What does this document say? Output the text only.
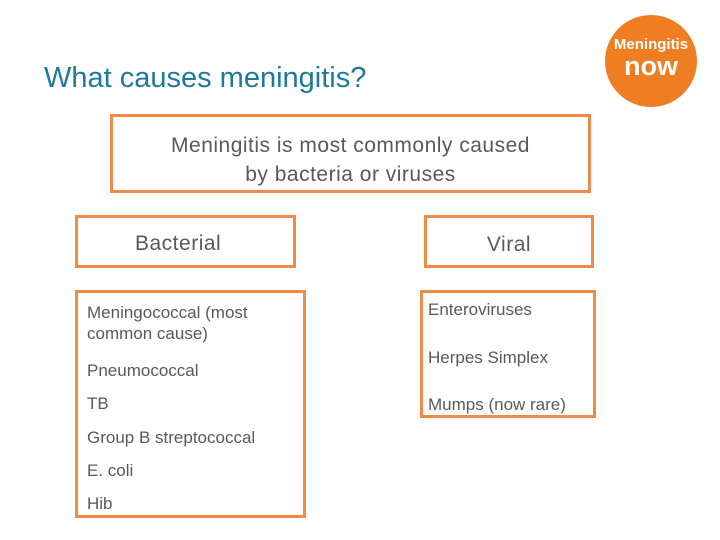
What causes meningitis?
Meningitis
now
Meningitis is most commonly caused
by bacteria or viruses
Bacterial	Viral
Meningococcal (most
common cause)
Pneumococcal
TB
Group B streptococcal
E. coli
Hib
Enteroviruses
Herpes Simplex
Mumps (now rare)
